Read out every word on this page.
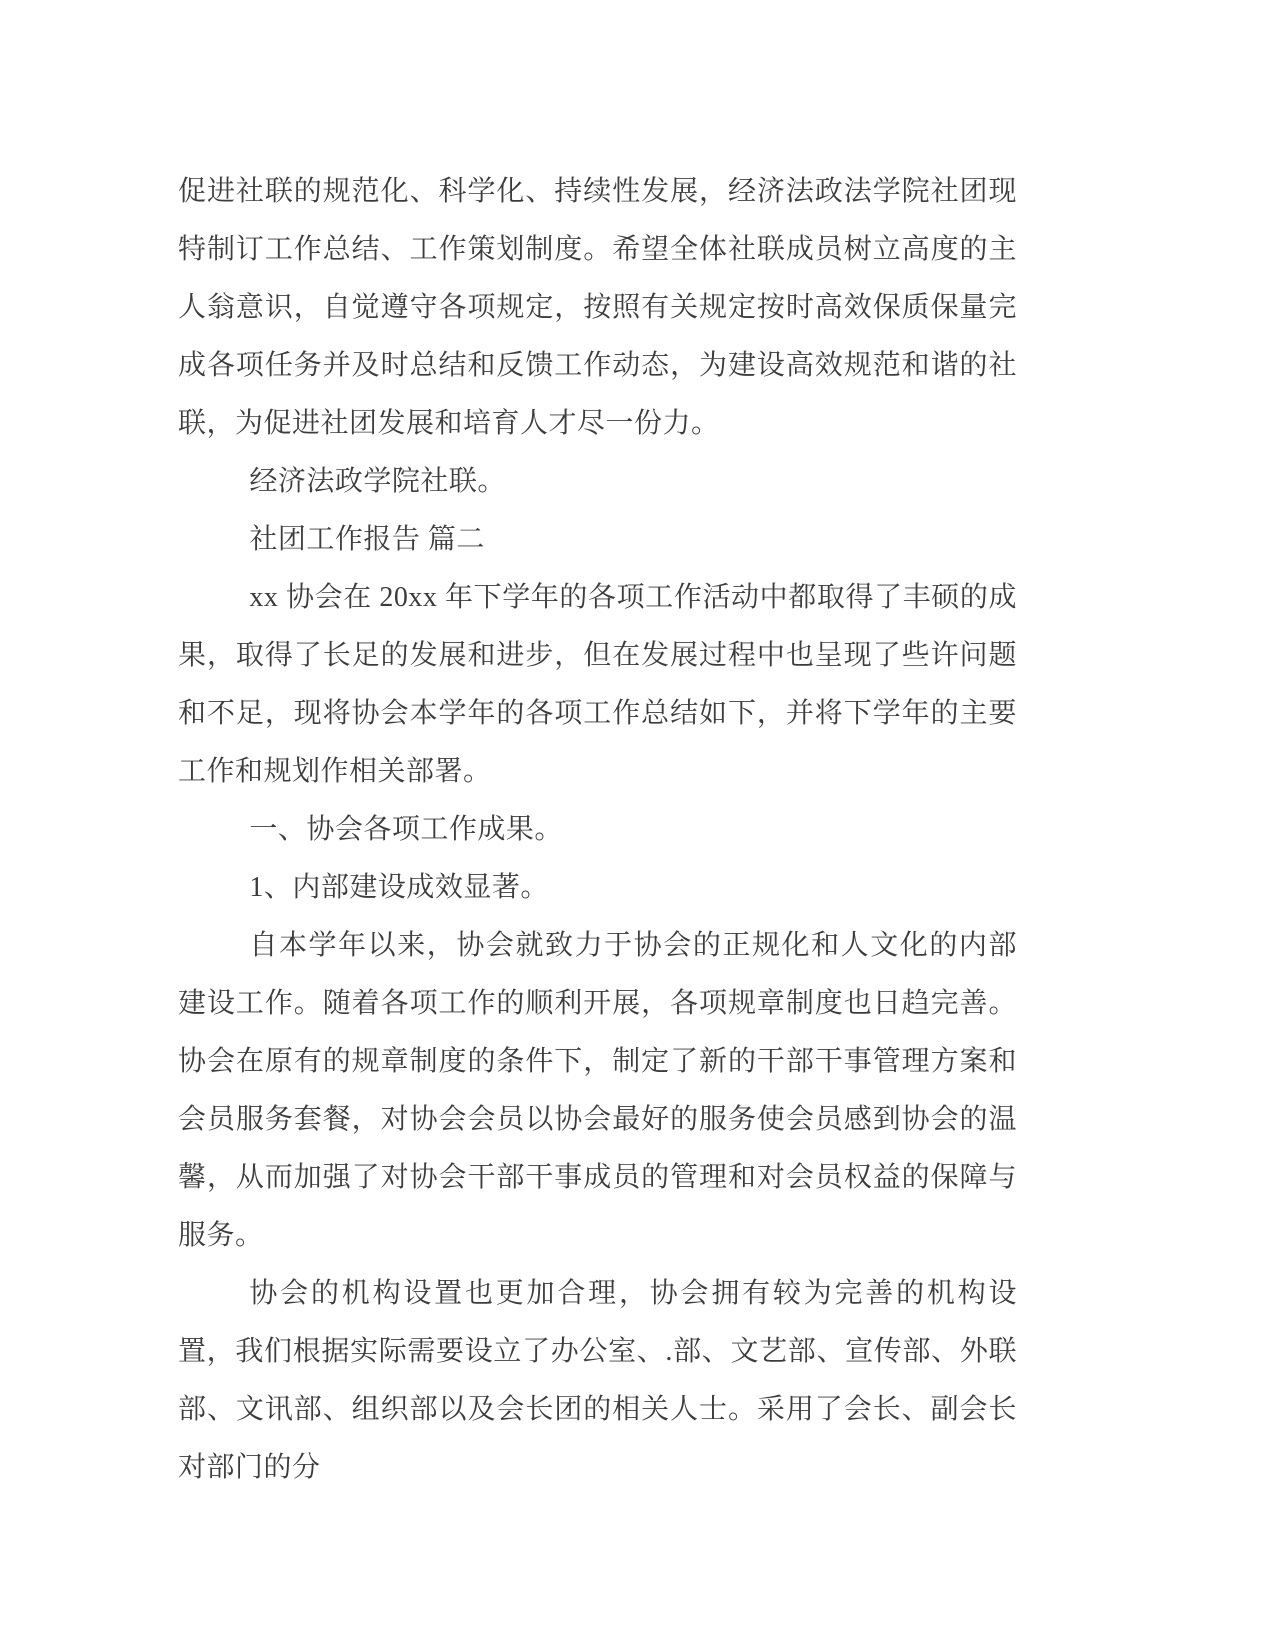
促进社联的规范化、科学化、持续性发展，经济法政法学院社团现特制订工作总结、工作策划制度。希望全体社联成员树立高度的主人翁意识，自觉遵守各项规定，按照有关规定按时高效保质保量完成各项任务并及时总结和反馈工作动态，为建设高效规范和谐的社联，为促进社团发展和培育人才尽一份力。

经济法政学院社联。

社团工作报告 篇二

xx 协会在 20xx 年下学年的各项工作活动中都取得了丰硕的成果，取得了长足的发展和进步，但在发展过程中也呈现了些许问题和不足，现将协会本学年的各项工作总结如下，并将下学年的主要工作和规划作相关部署。

一、协会各项工作成果。

1、内部建设成效显著。

自本学年以来，协会就致力于协会的正规化和人文化的内部建设工作。随着各项工作的顺利开展，各项规章制度也日趋完善。协会在原有的规章制度的条件下，制定了新的干部干事管理方案和会员服务套餐，对协会会员以协会最好的服务使会员感到协会的温馨，从而加强了对协会干部干事成员的管理和对会员权益的保障与服务。

协会的机构设置也更加合理，协会拥有较为完善的机构设置，我们根据实际需要设立了办公室、.部、文艺部、宣传部、外联部、文讯部、组织部以及会长团的相关人士。采用了会长、副会长对部门的分
